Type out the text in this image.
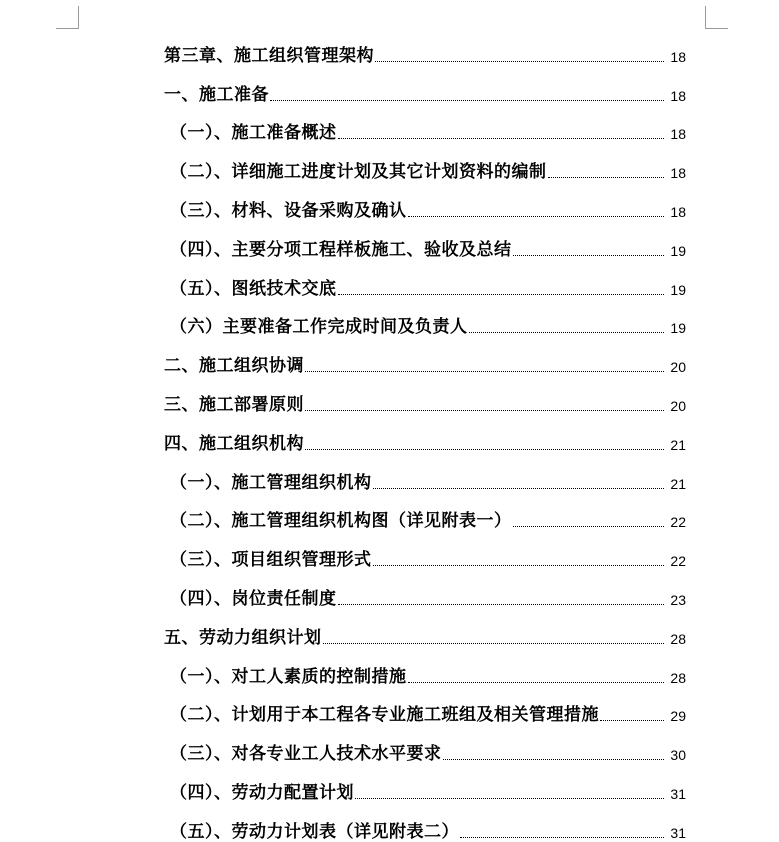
第三章、施工组织管理架构	18
一、施工准备	18
（一）、施工准备概述	18
（二）、详细施工进度计划及其它计划资料的编制	18
（三）、材料、设备采购及确认	18
（四）、主要分项工程样板施工、验收及总结	19
（五）、图纸技术交底	19
（六）主要准备工作完成时间及负责人	19
二、施工组织协调	20
三、施工部署原则	20
四、施工组织机构	21
（一）、施工管理组织机构	21
（二）、施工管理组织机构图（详见附表一）	22
（三）、项目组织管理形式	22
（四）、岗位责任制度	23
五、劳动力组织计划	28
（一）、对工人素质的控制措施	28
（二）、计划用于本工程各专业施工班组及相关管理措施	29
（三）、对各专业工人技术水平要求	30
（四）、劳动力配置计划	31
（五）、劳动力计划表（详见附表二）	31
